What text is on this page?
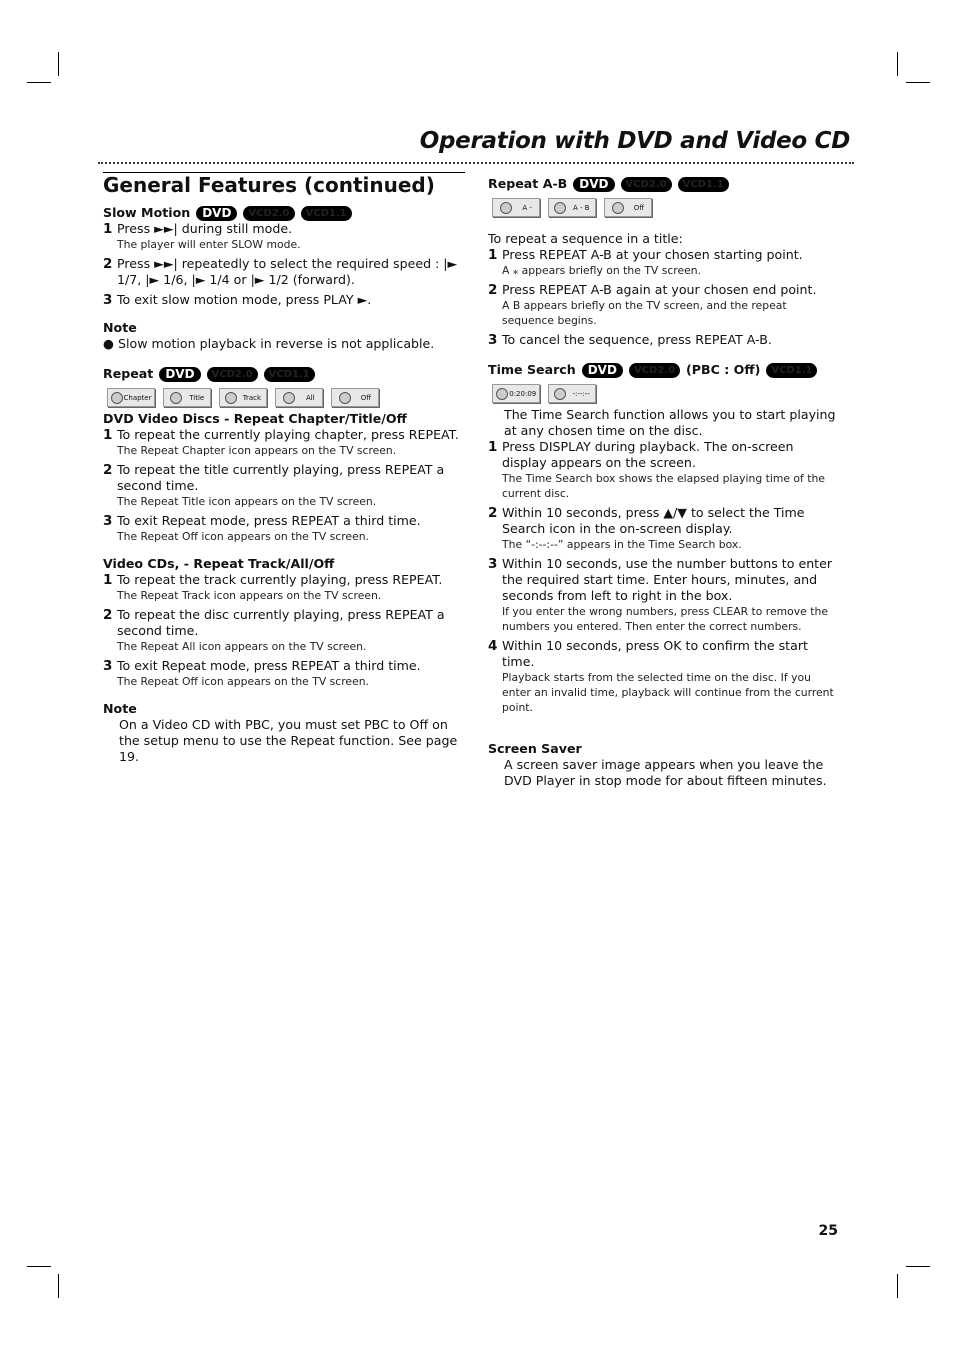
Operation with DVD and Video CD
General Features (continued)
Slow Motion	DVD	VCD2.0	VCD1.1
1 Press ►►| during still mode.
The player will enter SLOW mode.
2 Press ►►| repeatedly to select the required speed : |► 1/7, |► 1/6, |► 1/4 or |► 1/2 (forward).
3 To exit slow motion mode, press PLAY ►.
Note
● Slow motion playback in reverse is not applicable.
Repeat	DVD	VCD2.0	VCD1.1
Chapter	Title	Track	All	Off
DVD Video Discs - Repeat Chapter/Title/Off
1 To repeat the currently playing chapter, press REPEAT.
The Repeat Chapter icon appears on the TV screen.
2 To repeat the title currently playing, press REPEAT a second time.
The Repeat Title icon appears on the TV screen.
3 To exit Repeat mode, press REPEAT a third time.
The Repeat Off icon appears on the TV screen.
Video CDs, - Repeat Track/All/Off
1 To repeat the track currently playing, press REPEAT.
The Repeat Track icon appears on the TV screen.
2 To repeat the disc currently playing, press REPEAT a second time.
The Repeat All icon appears on the TV screen.
3 To exit Repeat mode, press REPEAT a third time.
The Repeat Off icon appears on the TV screen.
Note
On a Video CD with PBC, you must set PBC to Off on the setup menu to use the Repeat function. See page 19.
Repeat A-B	DVD	VCD2.0	VCD1.1
A -	A - B	Off
To repeat a sequence in a title:
1 Press REPEAT A-B at your chosen starting point.
A ⁎ appears briefly on the TV screen.
2 Press REPEAT A-B again at your chosen end point.
A B appears briefly on the TV screen, and the repeat sequence begins.
3 To cancel the sequence, press REPEAT A-B.
Time Search	DVD	VCD2.0 (PBC : Off)	VCD1.1
0:20:09	-:--:--
The Time Search function allows you to start playing at any chosen time on the disc.
1 Press DISPLAY during playback. The on-screen display appears on the screen.
The Time Search box shows the elapsed playing time of the current disc.
2 Within 10 seconds, press ▲/▼ to select the Time Search icon in the on-screen display.
The “-:--:--” appears in the Time Search box.
3 Within 10 seconds, use the number buttons to enter the required start time. Enter hours, minutes, and seconds from left to right in the box.
If you enter the wrong numbers, press CLEAR to remove the numbers you entered. Then enter the correct numbers.
4 Within 10 seconds, press OK to confirm the start time.
Playback starts from the selected time on the disc. If you enter an invalid time, playback will continue from the current point.
Screen Saver
A screen saver image appears when you leave the DVD Player in stop mode for about fifteen minutes.
25
